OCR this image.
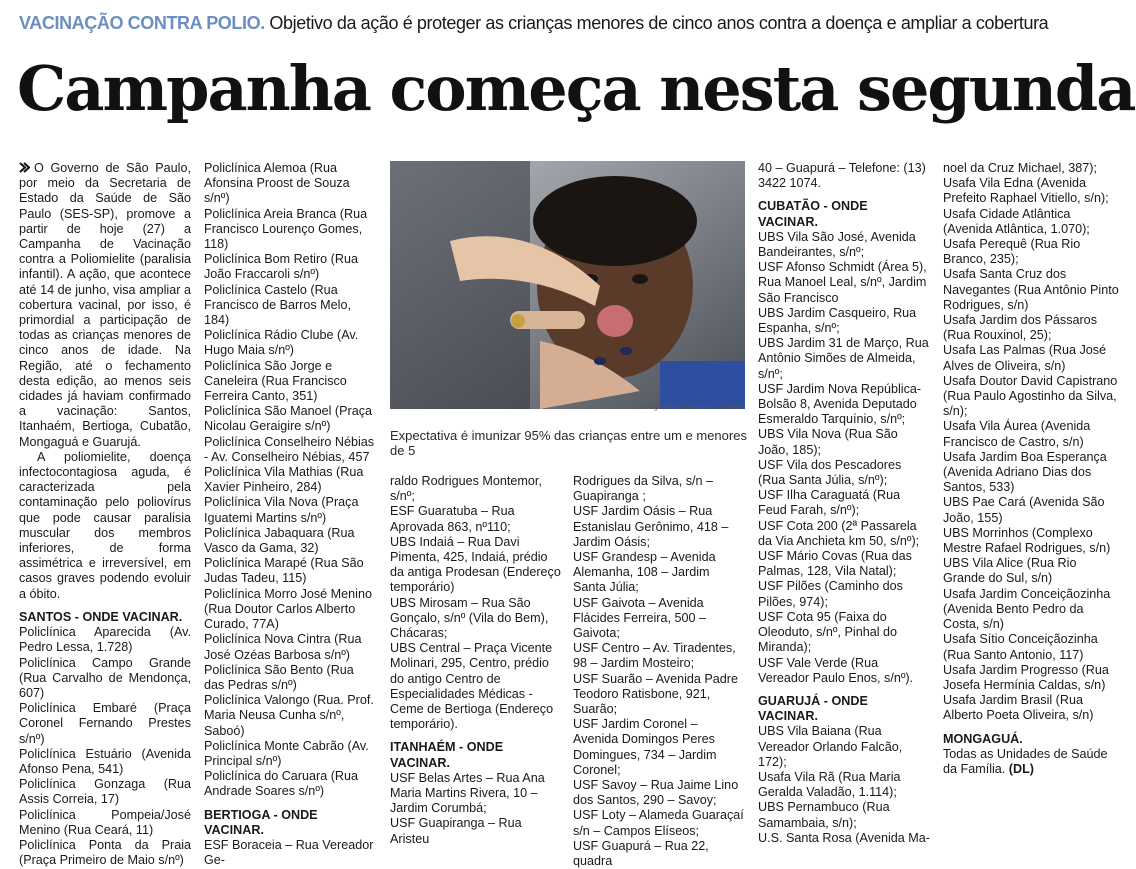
VACINAÇÃO CONTRA POLIO. Objetivo da ação é proteger as crianças menores de cinco anos contra a doença e ampliar a cobertura
Campanha começa nesta segunda

O Governo de São Paulo, por meio da Secretaria de Estado da Saúde de São Paulo (SES-SP), promove a partir de hoje (27) a Campanha de Vacinação contra a Poliomielite (paralisia infantil). A ação, que acontece até 14 de junho, visa ampliar a cobertura vacinal, por isso, é primordial a participação de todas as crianças menores de cinco anos de idade. Na Região, até o fechamento desta edição, ao menos seis cidades já haviam confirmado a vacinação: Santos, Itanhaém, Bertioga, Cubatão, Mongaguá e Guarujá.

A poliomielite, doença infectocontagiosa aguda, é caracterizada pela contaminação pelo poliovírus que pode causar paralisia muscular dos membros inferiores, de forma assimétrica e irreversível, em casos graves podendo evoluir a óbito.

SANTOS - ONDE VACINAR.

Policlínica Aparecida (Av. Pedro Lessa, 1.728)

Policlínica Campo Grande (Rua Carvalho de Mendonça, 607)

Policlínica Embaré (Praça Coronel Fernando Prestes s/nº)

Policlínica Estuário (Avenida Afonso Pena, 541)

Policlínica Gonzaga (Rua Assis Correia, 17)

Policlínica Pompeia/José Menino (Rua Ceará, 11)

Policlínica Ponta da Praia (Praça Primeiro de Maio s/nº)

Policlínica Alemoa (Rua Afonsina Proost de Souza s/nº)

Policlínica Areia Branca (Rua Francisco Lourenço Gomes, 118)

Policlínica Bom Retiro (Rua João Fraccaroli s/nº)

Policlínica Castelo (Rua Francisco de Barros Melo, 184)

Policlínica Rádio Clube (Av. Hugo Maia s/nº)

Policlínica São Jorge e Caneleira (Rua Francisco Ferreira Canto, 351)

Policlínica São Manoel (Praça Nicolau Geraigire s/nº)

Policlínica Conselheiro Nébias - Av. Conselheiro Nébias, 457

Policlínica Vila Mathias (Rua Xavier Pinheiro, 284)

Policlínica Vila Nova (Praça Iguatemi Martins s/nº)

Policlínica Jabaquara (Rua Vasco da Gama, 32)

Policlínica Marapé (Rua São Judas Tadeu, 115)

Policlínica Morro José Menino (Rua Doutor Carlos Alberto Curado, 77A)

Policlínica Nova Cintra (Rua José Ozéas Barbosa s/nº)

Policlínica São Bento (Rua das Pedras s/nº)

Policlínica Valongo (Rua. Prof. Maria Neusa Cunha s/nº, Saboó)

Policlínica Monte Cabrão (Av. Principal s/nº)

Policlínica do Caruara (Rua Andrade Soares s/nº)

BERTIOGA - ONDE VACINAR.

ESF Boraceia – Rua Vereador Ge-

Thiago Neme/Gazeta de S.Paulo
Expectativa é imunizar 95% das crianças entre um e menores de 5

raldo Rodrigues Montemor, s/nº;

ESF Guaratuba – Rua Aprovada 863, nº110;

UBS Indaiá – Rua Davi Pimenta, 425, Indaiá, prédio da antiga Prodesan (Endereço temporário)

UBS Mirosam – Rua São Gonçalo, s/nº (Vila do Bem), Chácaras;

UBS Central – Praça Vicente Molinari, 295, Centro, prédio do antigo Centro de Especialidades Médicas - Ceme de Bertioga (Endereço temporário).

ITANHAÉM - ONDE VACINAR.

USF Belas Artes – Rua Ana Maria Martins Rivera, 10 – Jardim Corumbá;

USF Guapiranga – Rua Aristeu

Rodrigues da Silva, s/n – Guapiranga ;

USF Jardim Oásis – Rua Estanislau Gerônimo, 418 – Jardim Oásis;

USF Grandesp – Avenida Alemanha, 108 – Jardim Santa Júlia;

USF Gaivota – Avenida Flácides Ferreira, 500 – Gaivota;

USF Centro – Av. Tiradentes, 98 – Jardim Mosteiro;

USF Suarão – Avenida Padre Teodoro Ratisbone, 921, Suarão;

USF Jardim Coronel – Avenida Domingos Peres Domingues, 734 – Jardim Coronel;

USF Savoy – Rua Jaime Lino dos Santos, 290 – Savoy;

USF Loty – Alameda Guaraçaí s/n – Campos Elíseos;

USF Guapurá – Rua 22, quadra

40 – Guapurá – Telefone: (13) 3422 1074.

CUBATÃO - ONDE VACINAR.

UBS Vila São José, Avenida Bandeirantes, s/nº;

USF Afonso Schmidt (Área 5), Rua Manoel Leal, s/nº, Jardim São Francisco

UBS Jardim Casqueiro, Rua Espanha, s/nº;

UBS Jardim 31 de Março, Rua Antônio Simões de Almeida, s/nº;

USF Jardim Nova República-Bolsão 8, Avenida Deputado Esmeraldo Tarquínio, s/nº;

UBS Vila Nova (Rua São João, 185);

USF Vila dos Pescadores (Rua Santa Júlia, s/nº);

USF Ilha Caraguatá (Rua Feud Farah, s/nº);

USF Cota 200 (2ª Passarela da Via Anchieta km 50, s/nº);

USF Mário Covas (Rua das Palmas, 128, Vila Natal);

USF Pilões (Caminho dos Pilões, 974);

USF Cota 95 (Faixa do Oleoduto, s/nº, Pinhal do Miranda);

USF Vale Verde (Rua Vereador Paulo Enos, s/nº).

GUARUJÁ - ONDE VACINAR.

UBS Vila Baiana (Rua Vereador Orlando Falcão, 172);

Usafa Vila Rã (Rua Maria Geralda Valadão, 1.114);

UBS Pernambuco (Rua Samambaia, s/n);

U.S. Santa Rosa (Avenida Ma-

noel da Cruz Michael, 387);

Usafa Vila Edna (Avenida Prefeito Raphael Vitiello, s/n);

Usafa Cidade Atlântica (Avenida Atlântica, 1.070);

Usafa Perequê (Rua Rio Branco, 235);

Usafa Santa Cruz dos Navegantes (Rua Antônio Pinto Rodrigues, s/n)

Usafa Jardim dos Pássaros (Rua Rouxinol, 25);

Usafa Las Palmas (Rua José Alves de Oliveira, s/n)

Usafa Doutor David Capistrano (Rua Paulo Agostinho da Silva, s/n);

Usafa Vila Áurea (Avenida Francisco de Castro, s/n)

Usafa Jardim Boa Esperança (Avenida Adriano Dias dos Santos, 533)

UBS Pae Cará (Avenida São João, 155)

UBS Morrinhos (Complexo Mestre Rafael Rodrigues, s/n)

UBS Vila Alice (Rua Rio Grande do Sul, s/n)

Usafa Jardim Conceiçãozinha (Avenida Bento Pedro da Costa, s/n)

Usafa Sítio Conceiçãozinha (Rua Santo Antonio, 117)

Usafa Jardim Progresso (Rua Josefa Hermínia Caldas, s/n)

Usafa Jardim Brasil (Rua Alberto Poeta Oliveira, s/n)

MONGAGUÁ.

Todas as Unidades de Saúde da Família. (DL)
